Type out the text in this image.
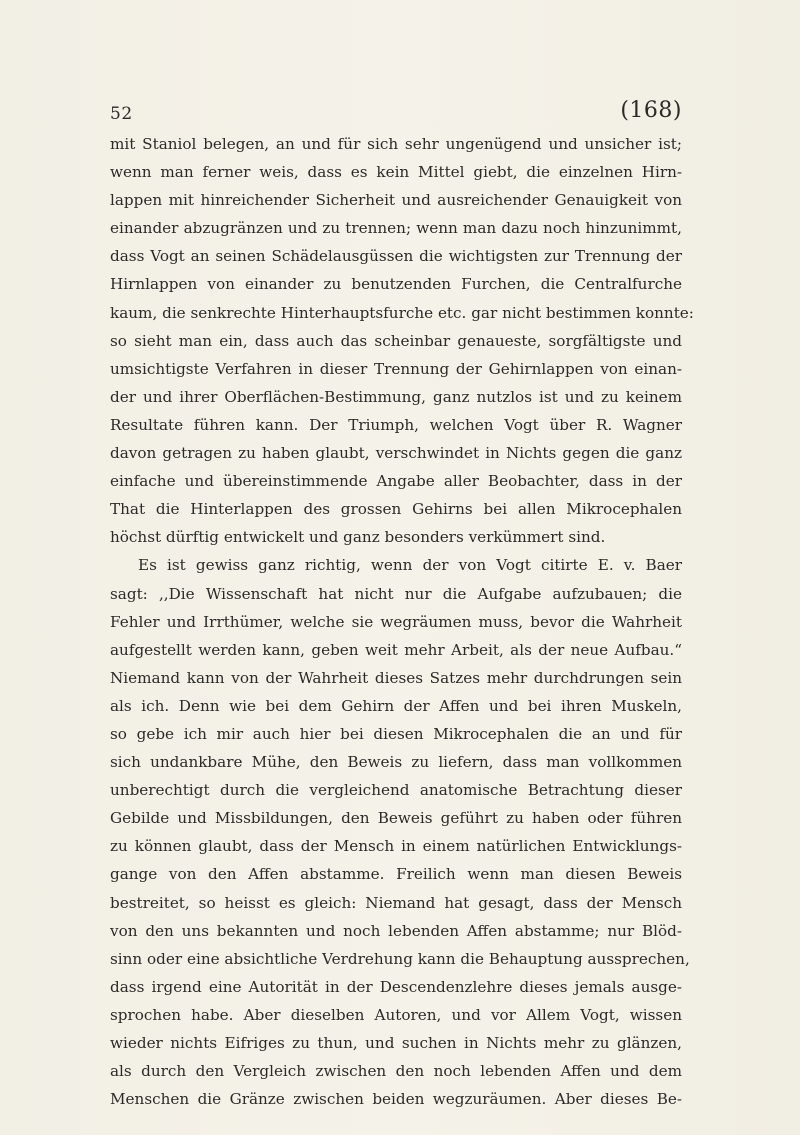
52	(168)
mit Staniol belegen, an und für sich sehr ungenügend und unsicher ist;
wenn man ferner weis, dass es kein Mittel giebt, die einzelnen Hirn-
lappen mit hinreichender Sicherheit und ausreichender Genauigkeit von
einander abzugränzen und zu trennen; wenn man dazu noch hinzunimmt,
dass Vogt an seinen Schädelausgüssen die wichtigsten zur Trennung der
Hirnlappen von einander zu benutzenden Furchen, die Centralfurche
kaum, die senkrechte Hinterhauptsfurche etc. gar nicht bestimmen konnte:
so sieht man ein, dass auch das scheinbar genaueste, sorgfältigste und
umsichtigste Verfahren in dieser Trennung der Gehirnlappen von einan-
der und ihrer Oberflächen-Bestimmung, ganz nutzlos ist und zu keinem
Resultate führen kann. Der Triumph, welchen Vogt über R. Wagner
davon getragen zu haben glaubt, verschwindet in Nichts gegen die ganz
einfache und übereinstimmende Angabe aller Beobachter, dass in der
That die Hinterlappen des grossen Gehirns bei allen Mikrocephalen
höchst dürftig entwickelt und ganz besonders verkümmert sind.
Es ist gewiss ganz richtig, wenn der von Vogt citirte E. v. Baer
sagt: ,,Die Wissenschaft hat nicht nur die Aufgabe aufzubauen; die
Fehler und Irrthümer, welche sie wegräumen muss, bevor die Wahrheit
aufgestellt werden kann, geben weit mehr Arbeit, als der neue Aufbau.“
Niemand kann von der Wahrheit dieses Satzes mehr durchdrungen sein
als ich. Denn wie bei dem Gehirn der Affen und bei ihren Muskeln,
so gebe ich mir auch hier bei diesen Mikrocephalen die an und für
sich undankbare Mühe, den Beweis zu liefern, dass man vollkommen
unberechtigt durch die vergleichend anatomische Betrachtung dieser
Gebilde und Missbildungen, den Beweis geführt zu haben oder führen
zu können glaubt, dass der Mensch in einem natürlichen Entwicklungs-
gange von den Affen abstamme. Freilich wenn man diesen Beweis
bestreitet, so heisst es gleich: Niemand hat gesagt, dass der Mensch
von den uns bekannten und noch lebenden Affen abstamme; nur Blöd-
sinn oder eine absichtliche Verdrehung kann die Behauptung aussprechen,
dass irgend eine Autorität in der Descendenzlehre dieses jemals ausge-
sprochen habe. Aber dieselben Autoren, und vor Allem Vogt, wissen
wieder nichts Eifriges zu thun, und suchen in Nichts mehr zu glänzen,
als durch den Vergleich zwischen den noch lebenden Affen und dem
Menschen die Gränze zwischen beiden wegzuräumen. Aber dieses Be-
